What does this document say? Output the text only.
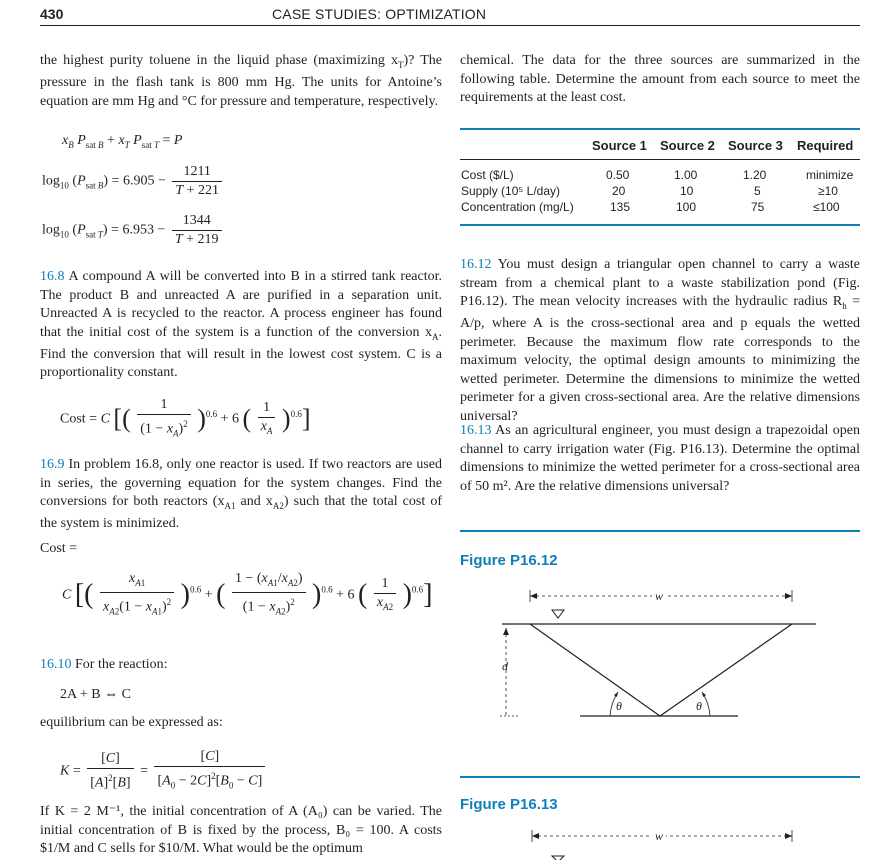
430	CASE STUDIES: OPTIMIZATION
the highest purity toluene in the liquid phase (maximizing $x_T$)? The pressure in the flash tank is 800 mm Hg. The units for Antoine’s equation are mm Hg and °C for pressure and temperature, respectively.
$x_B$ $P_{sat B} + x_T$ $P_{sat T} = P$
$\log_{10} (P_{sat B}) = 6.905 - \frac{1211}{T + 221}$
$\log_{10} (P_{sat T}) = 6.953 - \frac{1344}{T + 219}$
16.8 A compound A will be converted into B in a stirred tank reactor. The product B and unreacted A are purified in a separation unit. Unreacted A is recycled to the reactor. A process engineer has found that the initial cost of the system is a function of the conversion $x_A$. Find the conversion that will result in the lowest cost system. C is a proportionality constant.
Cost = C [( $\frac{1}{(1 - x_A)^2} )^{0.6} + 6$ ( $\frac{1}{x_A} )^{0.6}$]
16.9 In problem 16.8, only one reactor is used. If two reactors are used in series, the governing equation for the system changes. Find the conversions for both reactors ($x_{A1}$ and $x_{A2}$) such that the total cost of the system is minimized.
Cost =
C [( $\frac{x_{A1}}{x_{A2}(1 - x_{A1})^2} )^{0.6}$ + ( $\frac{1 - (x_{A1}/x_{A2})}{(1 - x_{A2})^2} )^{0.6} + 6$ ( $\frac{1}{x_{A2}} )^{0.6}$]
16.10 For the reaction:
2A + B ⇔ C
equilibrium can be expressed as:
$K = \frac{[C]}{[A]^2[B]} = \frac{[C]}{[A_0 - 2C]^2[B_0 - C]}$
If K = 2 M⁻¹, the initial concentration of A (A₀) can be varied. The initial concentration of B is fixed by the process, B₀ = 100. A costs $1/M and C sells for $10/M. What would be the optimum
chemical. The data for the three sources are summarized in the following table. Determine the amount from each source to meet the requirements at the least cost.
Source 1 Source 2 Source 3 Required
Cost ($/L)	0.50	1.00	1.20	minimize
Supply (10⁵ L/day)	20	10	5	≥10
Concentration (mg/L)	135	100	75	≤100
16.12 You must design a triangular open channel to carry a waste stream from a chemical plant to a waste stabilization pond (Fig. P16.12). The mean velocity increases with the hydraulic radius $R_h = A/p$, where A is the cross-sectional area and p equals the wetted perimeter. Because the maximum flow rate corresponds to the maximum velocity, the optimal design amounts to minimizing the wetted perimeter. Determine the dimensions to minimize the wetted perimeter for a given cross-sectional area. Are the relative dimensions universal?
16.13 As an agricultural engineer, you must design a trapezoidal open channel to carry irrigation water (Fig. P16.13). Determine the optimal dimensions to minimize the wetted perimeter for a cross-sectional area of 50 m². Are the relative dimensions universal?
Figure P16.12
w
d
θ	θ
Figure P16.13
w
